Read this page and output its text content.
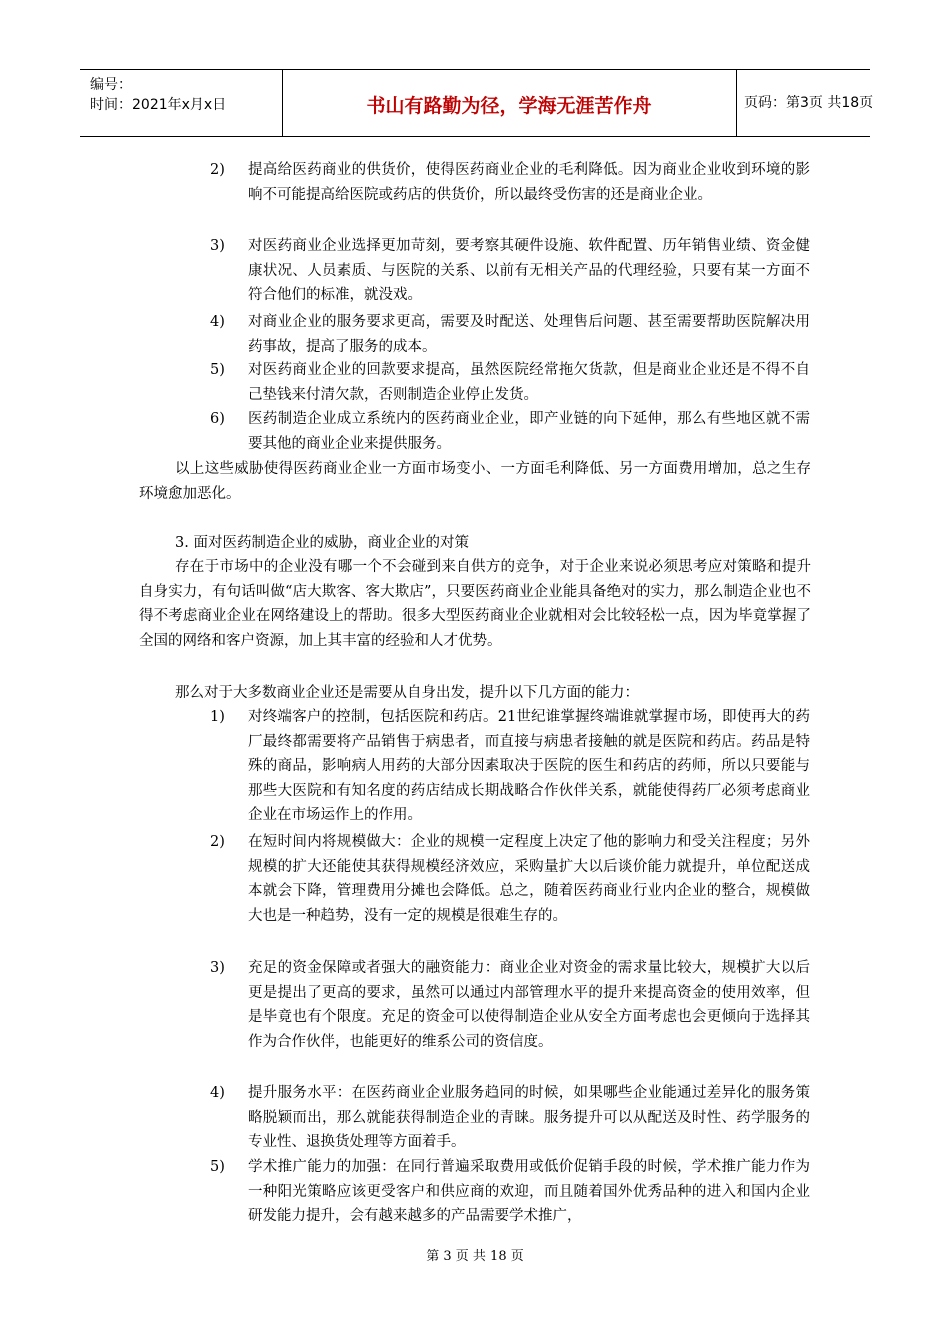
编号：
时间：2021年x月x日	书山有路勤为径，学海无涯苦作舟	页码：第3页 共18页
2) 提高给医药商业的供货价，使得医药商业企业的毛利降低。因为商业企业收到环境的影响不可能提高给医院或药店的供货价，所以最终受伤害的还是商业企业。
3) 对医药商业企业选择更加苛刻，要考察其硬件设施、软件配置、历年销售业绩、资金健康状况、人员素质、与医院的关系、以前有无相关产品的代理经验，只要有某一方面不符合他们的标准，就没戏。
4) 对商业企业的服务要求更高，需要及时配送、处理售后问题、甚至需要帮助医院解决用药事故，提高了服务的成本。
5) 对医药商业企业的回款要求提高，虽然医院经常拖欠货款，但是商业企业还是不得不自己垫钱来付清欠款，否则制造企业停止发货。
6) 医药制造企业成立系统内的医药商业企业，即产业链的向下延伸，那么有些地区就不需要其他的商业企业来提供服务。
以上这些威胁使得医药商业企业一方面市场变小、一方面毛利降低、另一方面费用增加，总之生存环境愈加恶化。
3. 面对医药制造企业的威胁，商业企业的对策
存在于市场中的企业没有哪一个不会碰到来自供方的竞争，对于企业来说必须思考应对策略和提升自身实力，有句话叫做“店大欺客、客大欺店”，只要医药商业企业能具备绝对的实力，那么制造企业也不得不考虑商业企业在网络建设上的帮助。很多大型医药商业企业就相对会比较轻松一点，因为毕竟掌握了全国的网络和客户资源，加上其丰富的经验和人才优势。
那么对于大多数商业企业还是需要从自身出发，提升以下几方面的能力：
1) 对终端客户的控制，包括医院和药店。21世纪谁掌握终端谁就掌握市场，即使再大的药厂最终都需要将产品销售于病患者，而直接与病患者接触的就是医院和药店。药品是特殊的商品，影响病人用药的大部分因素取决于医院的医生和药店的药师，所以只要能与那些大医院和有知名度的药店结成长期战略合作伙伴关系，就能使得药厂必须考虑商业企业在市场运作上的作用。
2) 在短时间内将规模做大：企业的规模一定程度上决定了他的影响力和受关注程度；另外规模的扩大还能使其获得规模经济效应，采购量扩大以后谈价能力就提升，单位配送成本就会下降，管理费用分摊也会降低。总之，随着医药商业行业内企业的整合，规模做大也是一种趋势，没有一定的规模是很难生存的。
3) 充足的资金保障或者强大的融资能力：商业企业对资金的需求量比较大，规模扩大以后更是提出了更高的要求，虽然可以通过内部管理水平的提升来提高资金的使用效率，但是毕竟也有个限度。充足的资金可以使得制造企业从安全方面考虑也会更倾向于选择其作为合作伙伴，也能更好的维系公司的资信度。
4) 提升服务水平：在医药商业企业服务趋同的时候，如果哪些企业能通过差异化的服务策略脱颖而出，那么就能获得制造企业的青睐。服务提升可以从配送及时性、药学服务的专业性、退换货处理等方面着手。
5) 学术推广能力的加强：在同行普遍采取费用或低价促销手段的时候，学术推广能力作为一种阳光策略应该更受客户和供应商的欢迎，而且随着国外优秀品种的进入和国内企业研发能力提升，会有越来越多的产品需要学术推广，
第 3 页 共 18 页
